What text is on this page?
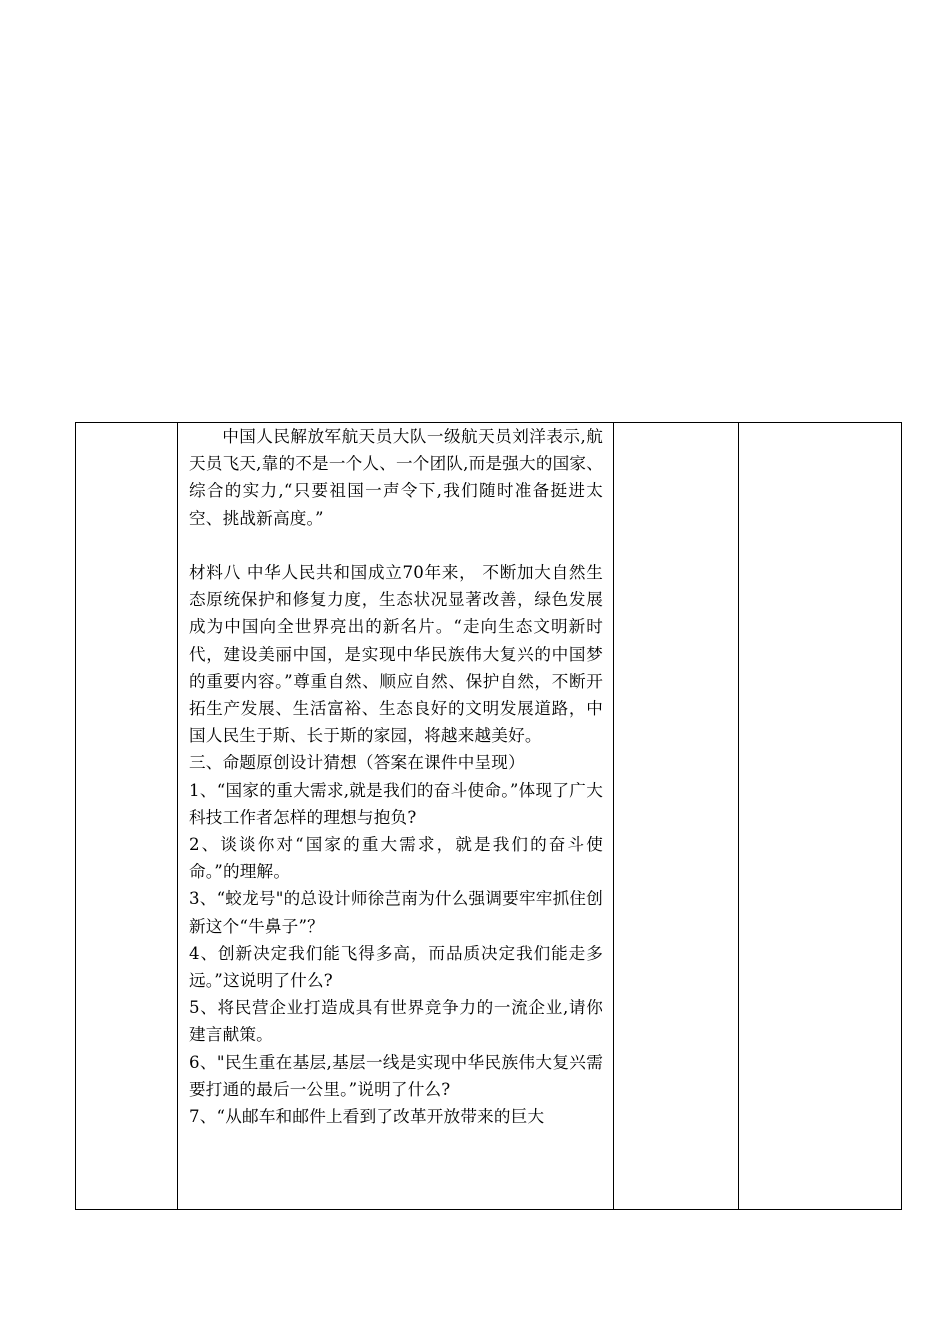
中国人民解放军航天员大队一级航天员刘洋表示,航天员飞天,靠的不是一个人、一个团队,而是强大的国家、综合的实力,“只要祖国一声令下,我们随时准备挺进太空、挑战新高度。”

材料八 中华人民共和国成立70年来， 不断加大自然生态原统保护和修复力度，生态状况显著改善，绿色发展成为中国向全世界亮出的新名片。“走向生态文明新时代，建设美丽中国，是实现中华民族伟大复兴的中国梦的重要内容。”尊重自然、顺应自然、保护自然，不断开拓生产发展、生活富裕、生态良好的文明发展道路，中国人民生于斯、长于斯的家园，将越来越美好。

三、命题原创设计猜想（答案在课件中呈现）

1、“国家的重大需求,就是我们的奋斗使命。”体现了广大科技工作者怎样的理想与抱负?

2、谈谈你对“国家的重大需求，就是我们的奋斗使命。”的理解。

3、“蛟龙号"的总设计师徐芑南为什么强调要牢牢抓住创新这个“牛鼻子”？

4、创新决定我们能飞得多高，而品质决定我们能走多远。”这说明了什么?

5、将民营企业打造成具有世界竞争力的一流企业,请你建言献策。

6、"民生重在基层,基层一线是实现中华民族伟大复兴需要打通的最后一公里。”说明了什么?

7、“从邮车和邮件上看到了改革开放带来的巨大
